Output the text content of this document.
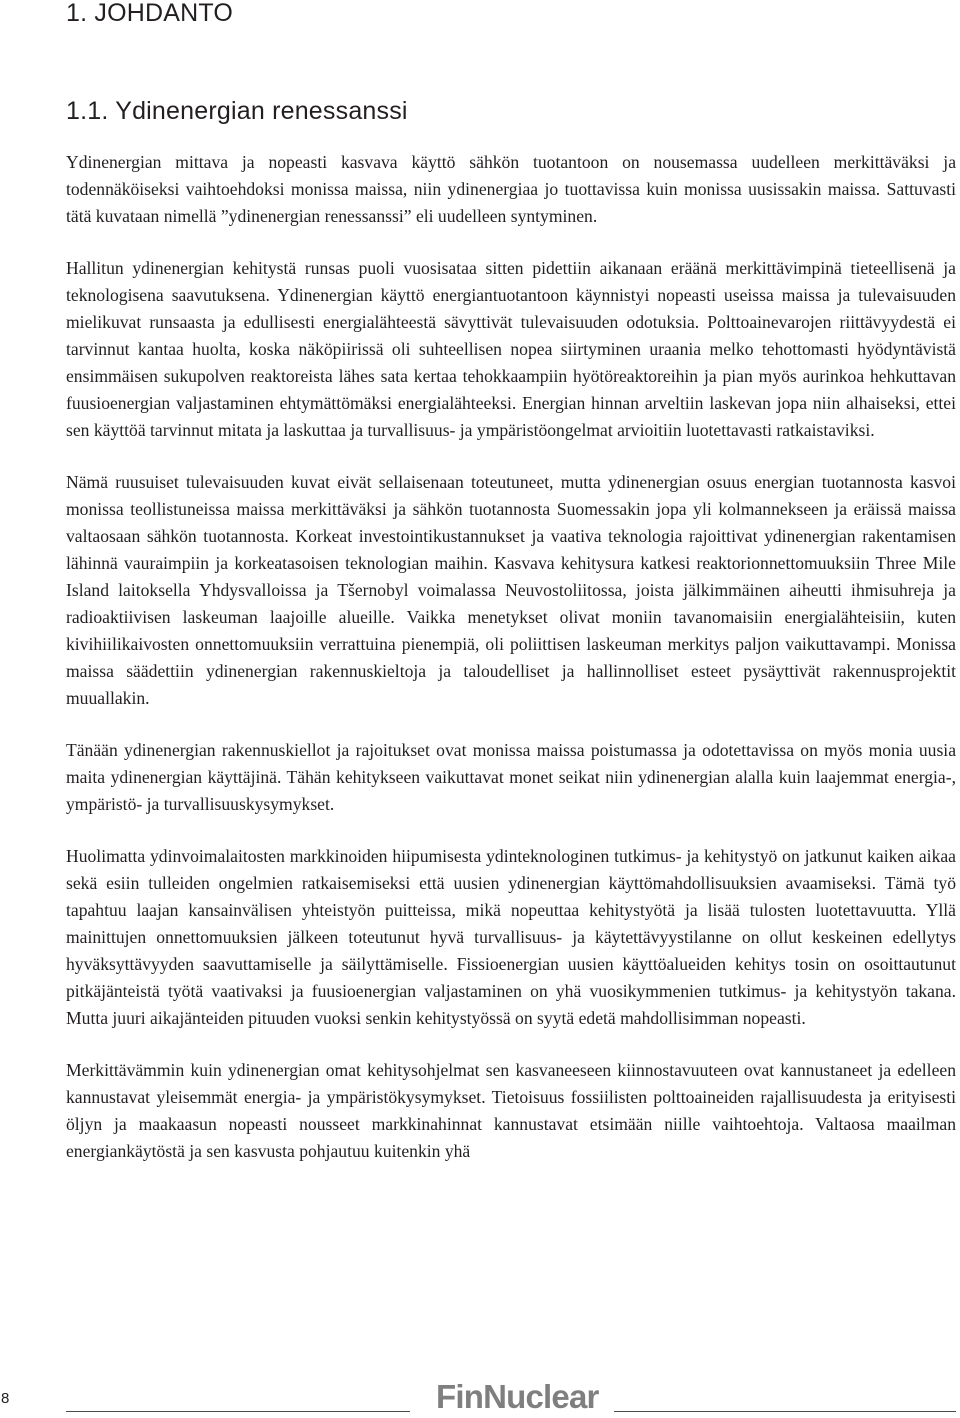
1. JOHDANTO
1.1. Ydinenergian renessanssi

Ydinenergian mittava ja nopeasti kasvava käyttö sähkön tuotantoon on nousemassa uudelleen merkittäväksi ja todennäköiseksi vaihtoehdoksi monissa maissa, niin ydinenergiaa jo tuottavissa kuin monissa uusissakin maissa. Sattuvasti tätä kuvataan nimellä ”ydinenergian renessanssi” eli uudelleen syntyminen.

Hallitun ydinenergian kehitystä runsas puoli vuosisataa sitten pidettiin aikanaan eräänä merkittävimpinä tieteellisenä ja teknologisena saavutuksena. Ydinenergian käyttö energiantuotantoon käynnistyi nopeasti useissa maissa ja tulevaisuuden mielikuvat runsaasta ja edullisesti energialähteestä sävyttivät tulevaisuuden odotuksia. Polttoainevarojen riittävyydestä ei tarvinnut kantaa huolta, koska näköpiirissä oli suhteellisen nopea siirtyminen uraania melko tehottomasti hyödyntävistä ensimmäisen sukupolven reaktoreista lähes sata kertaa tehokkaampiin hyötöreaktoreihin ja pian myös aurinkoa hehkuttavan fuusioenergian valjastaminen ehtymättömäksi energialähteeksi. Energian hinnan arveltiin laskevan jopa niin alhaiseksi, ettei sen käyttöä tarvinnut mitata ja laskuttaa ja turvallisuus- ja ympäristöongelmat arvioitiin luotettavasti ratkaistaviksi.

Nämä ruusuiset tulevaisuuden kuvat eivät sellaisenaan toteutuneet, mutta ydinenergian osuus energian tuotannosta kasvoi monissa teollistuneissa maissa merkittäväksi ja sähkön tuotannosta Suomessakin jopa yli kolmannekseen ja eräissä maissa valtaosaan sähkön tuotannosta. Korkeat investointikustannukset ja vaativa teknologia rajoittivat ydinenergian rakentamisen lähinnä vauraimpiin ja korkeatasoisen teknologian maihin. Kasvava kehitysura katkesi reaktorionnettomuuksiin Three Mile Island laitoksella Yhdysvalloissa ja Tšernobyl voimalassa Neuvostoliitossa, joista jälkimmäinen aiheutti ihmisuhreja ja radioaktiivisen laskeuman laajoille alueille. Vaikka menetykset olivat moniin tavanomaisiin energialähteisiin, kuten kivihiilikaivosten onnettomuuksiin verrattuina pienempiä, oli poliittisen laskeuman merkitys paljon vaikuttavampi. Monissa maissa säädettiin ydinenergian rakennuskieltoja ja taloudelliset ja hallinnolliset esteet pysäyttivät rakennusprojektit muuallakin.

Tänään ydinenergian rakennuskiellot ja rajoitukset ovat monissa maissa poistumassa ja odotettavissa on myös monia uusia maita ydinenergian käyttäjinä. Tähän kehitykseen vaikuttavat monet seikat niin ydinenergian alalla kuin laajemmat energia-, ympäristö- ja turvallisuuskysymykset.

Huolimatta ydinvoimalaitosten markkinoiden hiipumisesta ydinteknologinen tutkimus- ja kehitystyö on jatkunut kaiken aikaa sekä esiin tulleiden ongelmien ratkaisemiseksi että uusien ydinenergian käyttömahdollisuuksien avaamiseksi. Tämä työ tapahtuu laajan kansainvälisen yhteistyön puitteissa, mikä nopeuttaa kehitystyötä ja lisää tulosten luotettavuutta. Yllä mainittujen onnettomuuksien jälkeen toteutunut hyvä turvallisuus- ja käytettävyystilanne on ollut keskeinen edellytys hyväksyttävyyden saavuttamiselle ja säilyttämiselle. Fissioenergian uusien käyttöalueiden kehitys tosin on osoittautunut pitkäjänteistä työtä vaativaksi ja fuusioenergian valjastaminen on yhä vuosikymmenien tutkimus- ja kehitystyön takana. Mutta juuri aikajänteiden pituuden vuoksi senkin kehitystyössä on syytä edetä mahdollisimman nopeasti.

Merkittävämmin kuin ydinenergian omat kehitysohjelmat sen kasvaneeseen kiinnostavuuteen ovat kannustaneet ja edelleen kannustavat yleisemmät energia- ja ympäristökysymykset. Tietoisuus fossiilisten polttoaineiden rajallisuudesta ja erityisesti öljyn ja maakaasun nopeasti nousseet markkinahinnat kannustavat etsimään niille vaihtoehtoja. Valtaosa maailman energiankäytöstä ja sen kasvusta pohjautuu kuitenkin yhä

8	FinNuclear
